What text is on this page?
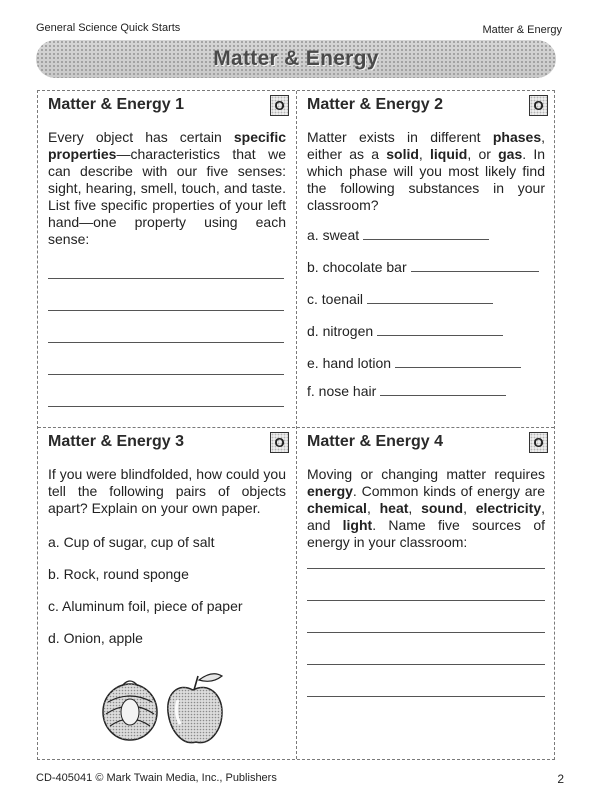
General Science Quick Starts	Matter & Energy
Matter & Energy
Matter & Energy 1	O
Every object has certain specific properties—characteristics that we can describe with our five senses: sight, hearing, smell, touch, and taste. List five specific properties of your left hand—one property using each sense:
Matter & Energy 2	O
Matter exists in different phases, either as a solid, liquid, or gas. In which phase will you most likely find the following substances in your classroom?
a. sweat
b. chocolate bar
c. toenail
d. nitrogen
e. hand lotion
f. nose hair
Matter & Energy 3	O
If you were blindfolded, how could you tell the following pairs of objects apart? Explain on your own paper.
a. Cup of sugar, cup of salt
b. Rock, round sponge
c. Aluminum foil, piece of paper
d. Onion, apple
Matter & Energy 4	O
Moving or changing matter requires energy. Common kinds of energy are chemical, heat, sound, electricity, and light. Name five sources of energy in your classroom:
CD-405041 © Mark Twain Media, Inc., Publishers	2
